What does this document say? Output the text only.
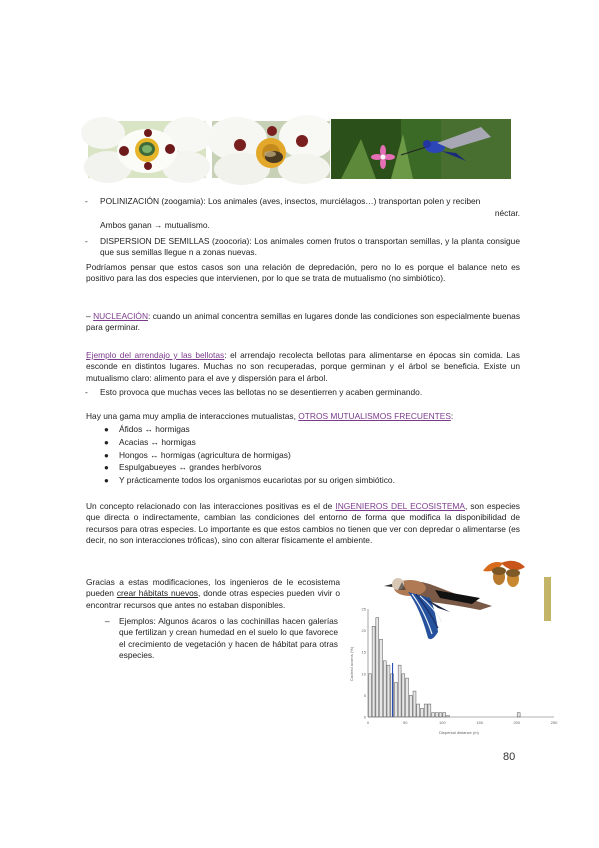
- POLINIZACIÓN (zoogamia): Los animales (aves, insectos, murciélagos…) transportan polen y reciben
néctar.
Ambos ganan → mutualismo.
- DISPERSION DE SEMILLAS (zoocoria): Los animales comen frutos o transportan semillas, y la planta consigue que sus semillas llegue n a zonas nuevas.
Podríamos pensar que estos casos son una relación de depredación, pero no lo es porque el balance neto es positivo para las dos especies que intervienen, por lo que se trata de mutualismo (no simbiótico).
– NUCLEACIÓN: cuando un animal concentra semillas en lugares donde las condiciones son especialmente buenas para germinar.
Ejemplo del arrendajo y las bellotas: el arrendajo recolecta bellotas para alimentarse en épocas sin comida. Las esconde en distintos lugares. Muchas no son recuperadas, porque germinan y el árbol se beneficia. Existe un mutualismo claro: alimento para el ave y dispersión para el árbol.
- Esto provoca que muchas veces las bellotas no se desentierren y acaben germinando.
Hay una gama muy amplia de interacciones mutualistas, OTROS MUTUALISMOS FRECUENTES:
● Áfidos ↔ hormigas
● Acacias ↔ hormigas
● Hongos ↔ hormigas (agricultura de hormigas)
● Espulgabueyes ↔ grandes herbívoros
● Y prácticamente todos los organismos eucariotas por su origen simbiótico.
Un concepto relacionado con las interacciones positivas es el de INGENIEROS DEL ECOSISTEMA, son especies que directa o indirectamente, cambian las condiciones del entorno de forma que modifica la disponibilidad de recursos para otras especies. Lo importante es que estos cambios no tienen que ver con depredar o alimentarse (es decir, no son interacciones tróficas), sino con alterar físicamente el ambiente.
Gracias a estas modificaciones, los ingenieros de le ecosistema pueden crear hábitats nuevos, donde otras especies pueden vivir o encontrar recursos que antes no estaban disponibles.
– Ejemplos: Algunos ácaros o las cochinillas hacen galerías que fertilizan y crean humedad en el suelo lo que favorece el crecimiento de vegetación y hacen de hábitat para otras especies.
0	50	100	150	200	250
0
5
10
15
20
25
Dispersal distance (m)
Cached acorns (%)
80
